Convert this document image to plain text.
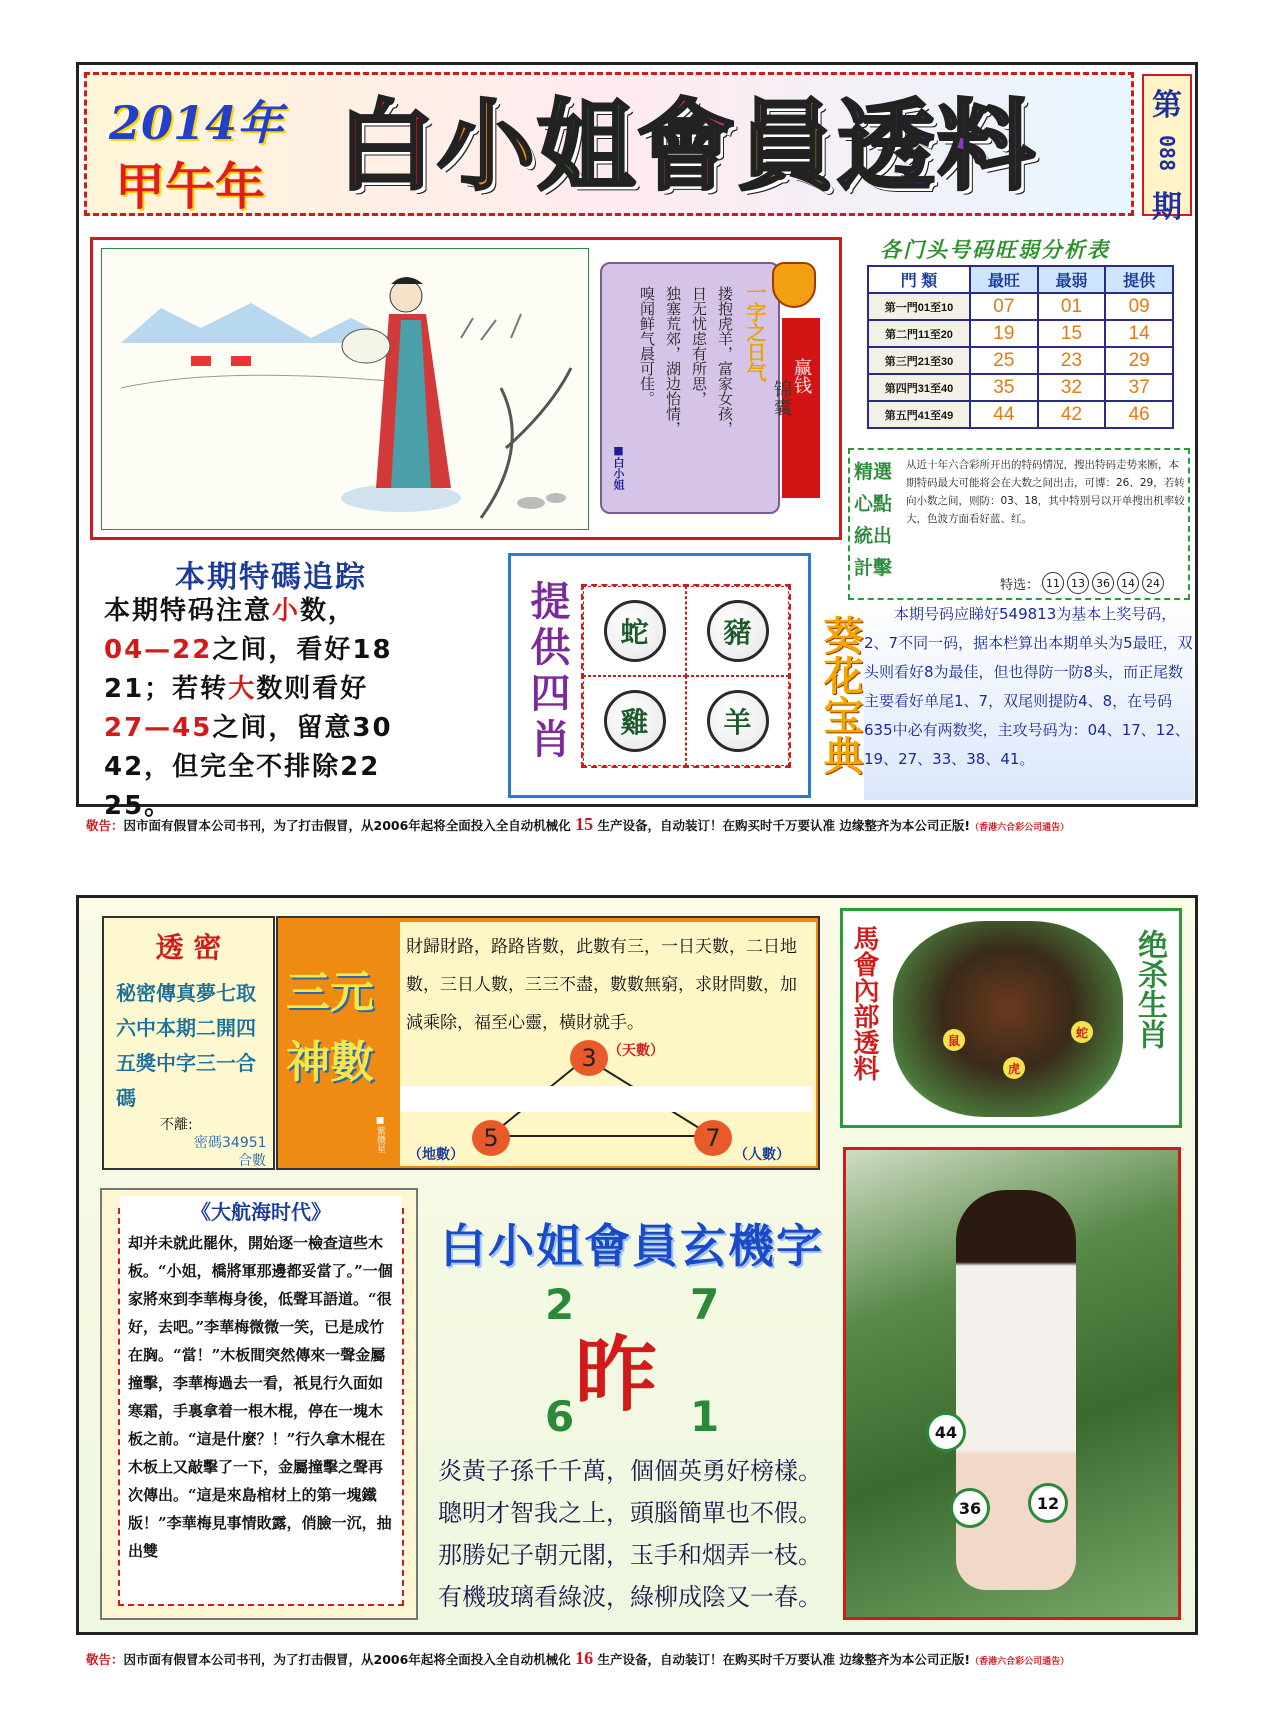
2014年
甲午年 白 小 姐 會 員 透 料	第
088
期
一字之日气
搂抱虎羊，富家女孩，
日无忧虑有所思，
独塞荒郊，湖边怡情，
嗅闻鲜气晨可佳。
■白小姐
赢钱
锦囊
各门头号码旺弱分析表
門 類	最旺	最弱	提供
第一門01至10	07	01	09
第二門11至20	19	15	14
第三門21至30	25	23	29
第四門31至40	35	32	37
第五門41至49	44	42	46
精選
心點
統出
計擊
从近十年六合彩所开出的特码情况，搜出特码走势来断，本期特码最大可能将会在大数之间出击，可博：26、29，若转向小数之间，则防：03、18，其中特别号以开单搜出机率较大，色波方面看好蓝、红。
特选： 11	13	36	14	24
本期特碼追踪
本期特码注意小数，
04—22之间，看好18
21；若转大数则看好
27—45之间，留意30
42，但完全不排除22
25。
提供四肖	蛇	豬
雞	羊	葵花宝典
本期号码应睇好549813为基本上奖号码，2、7不同一码，据本栏算出本期单头为5最旺，双头则看好8为最佳，但也得防一防8头，而正尾数主要看好单尾1、7，双尾则提防4、8，在号码635中必有两数奖，主攻号码为：04、17、12、19、27、33、38、41。
敬告：因市面有假冒本公司书刊，为了打击假冒，从2006年起将全面投入全自动机械化 15 生产设备，自动装订！在购买时千万要认准 边缘整齐为本公司正版!（香港六合彩公司通告）
透 密
秘密傳真夢七取六中本期二開四五獎中字三一合碼
不離:
密碼34951
合數
三元神數
■紫微星
財歸財路，路路皆數，此數有三，一日天數，二日地數，三日人數，三三不盡，數數無窮，求財問數，加減乘除，福至心靈，橫財就手。
3 （天數）
5
（地數）
7
（人數）
馬會內部透料	绝杀生肖
鼠
虎
蛇
《大航海时代》
却并未就此罷休，開始逐一檢查這些木板。“小姐，橋將軍那邊都妥當了。”一個家將來到李華梅身後，低聲耳語道。“很好，去吧。”李華梅微微一笑，已是成竹在胸。“當！”木板間突然傳來一聲金屬撞擊，李華梅過去一看，衹見行久面如寒霜，手裏拿着一根木棍，停在一塊木板之前。“這是什麼？！”行久拿木棍在木板上又敲擊了一下，金屬撞擊之聲再次傳出。“這是來島棺材上的第一塊鐵版！”李華梅見事情敗露，俏臉一沉，抽出雙
白小姐會員玄機字
2	7
昨
6	1
炎黃子孫千千萬，個個英勇好榜樣。
聰明才智我之上，頭腦簡單也不假。
那勝妃子朝元閣，玉手和烟弄一枝。
有機玻璃看綠波，綠柳成陰又一春。
44
12
36
敬告：因市面有假冒本公司书刊，为了打击假冒，从2006年起将全面投入全自动机械化 16 生产设备，自动装订！在购买时千万要认准 边缘整齐为本公司正版!（香港六合彩公司通告）
